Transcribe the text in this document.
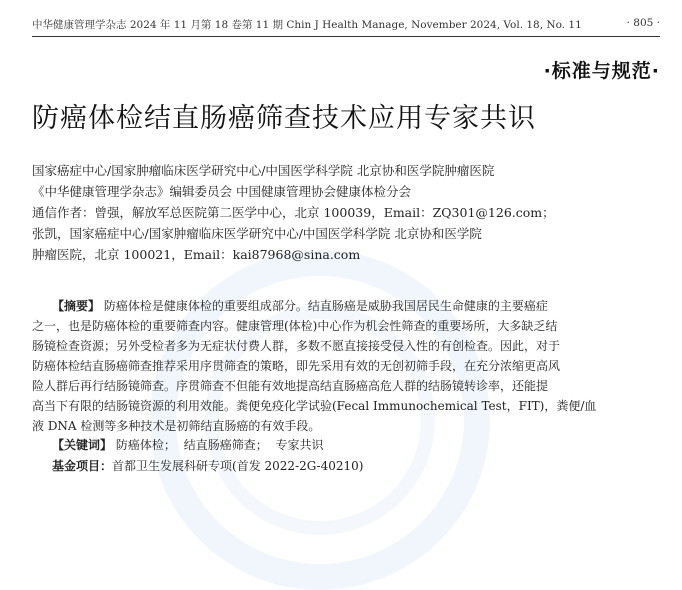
中华健康管理学杂志 2024 年 11 月第 18 卷第 11 期 Chin J Health Manage, November 2024, Vol. 18, No. 11	· 805 ·
·标准与规范·
防癌体检结直肠癌筛查技术应用专家共识
国家癌症中心/国家肿瘤临床医学研究中心/中国医学科学院 北京协和医学院肿瘤医院
《中华健康管理学杂志》编辑委员会 中国健康管理协会健康体检分会
通信作者：曾强，解放军总医院第二医学中心，北京 100039，Email：ZQ301@126.com；
张凯，国家癌症中心/国家肿瘤临床医学研究中心/中国医学科学院 北京协和医学院
肿瘤医院，北京 100021，Email：kai87968@sina.com
【摘要】 防癌体检是健康体检的重要组成部分。结直肠癌是威胁我国居民生命健康的主要癌症
之一，也是防癌体检的重要筛查内容。健康管理(体检)中心作为机会性筛查的重要场所，大多缺乏结
肠镜检查资源；另外受检者多为无症状付费人群，多数不愿直接接受侵入性的有创检查。因此，对于
防癌体检结直肠癌筛查推荐采用序贯筛查的策略，即先采用有效的无创初筛手段，在充分浓缩更高风
险人群后再行结肠镜筛查。序贯筛查不但能有效地提高结直肠癌高危人群的结肠镜转诊率，还能提
高当下有限的结肠镜资源的利用效能。粪便免疫化学试验(Fecal Immunochemical Test，FIT)，粪便/血
液 DNA 检测等多种技术是初筛结直肠癌的有效手段。
【关键词】 防癌体检； 结直肠癌筛查； 专家共识
基金项目：首都卫生发展科研专项(首发 2022-2G-40210)
